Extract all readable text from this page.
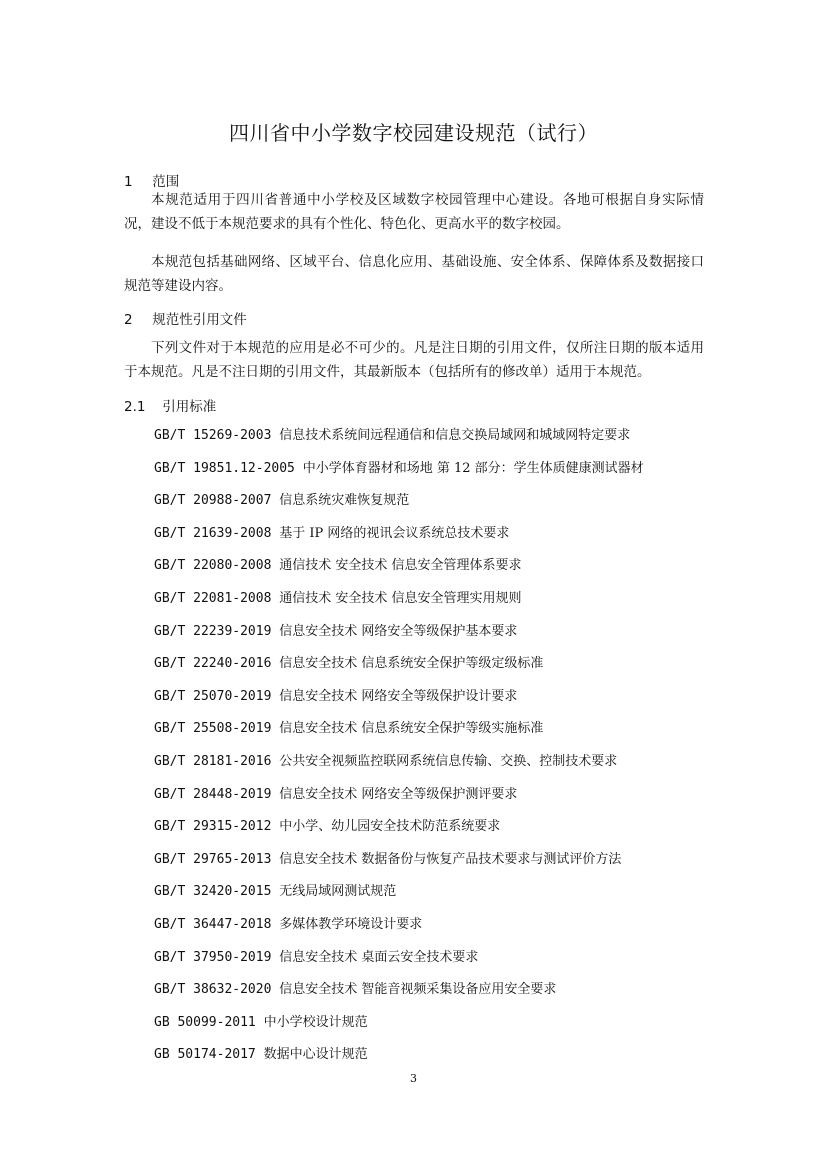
四川省中小学数字校园建设规范（试行）
1 范围

本规范适用于四川省普通中小学校及区域数字校园管理中心建设。各地可根据自身实际情况，建设不低于本规范要求的具有个性化、特色化、更高水平的数字校园。

本规范包括基础网络、区域平台、信息化应用、基础设施、安全体系、保障体系及数据接口规范等建设内容。

2 规范性引用文件

下列文件对于本规范的应用是必不可少的。凡是注日期的引用文件，仅所注日期的版本适用于本规范。凡是不注日期的引用文件，其最新版本（包括所有的修改单）适用于本规范。

2.1 引用标准
GB/T 15269-2003 信息技术系统间远程通信和信息交换局域网和城域网特定要求
GB/T 19851.12-2005 中小学体育器材和场地 第 12 部分：学生体质健康测试器材
GB/T 20988-2007 信息系统灾难恢复规范
GB/T 21639-2008 基于 IP 网络的视讯会议系统总技术要求
GB/T 22080-2008 通信技术 安全技术 信息安全管理体系要求
GB/T 22081-2008 通信技术 安全技术 信息安全管理实用规则
GB/T 22239-2019 信息安全技术 网络安全等级保护基本要求
GB/T 22240-2016 信息安全技术 信息系统安全保护等级定级标准
GB/T 25070-2019 信息安全技术 网络安全等级保护设计要求
GB/T 25508-2019 信息安全技术 信息系统安全保护等级实施标准
GB/T 28181-2016 公共安全视频监控联网系统信息传输、交换、控制技术要求
GB/T 28448-2019 信息安全技术 网络安全等级保护测评要求
GB/T 29315-2012 中小学、幼儿园安全技术防范系统要求
GB/T 29765-2013 信息安全技术 数据备份与恢复产品技术要求与测试评价方法
GB/T 32420-2015 无线局域网测试规范
GB/T 36447-2018 多媒体教学环境设计要求
GB/T 37950-2019 信息安全技术 桌面云安全技术要求
GB/T 38632-2020 信息安全技术 智能音视频采集设备应用安全要求
GB 50099-2011 中小学校设计规范
GB 50174-2017 数据中心设计规范
3
